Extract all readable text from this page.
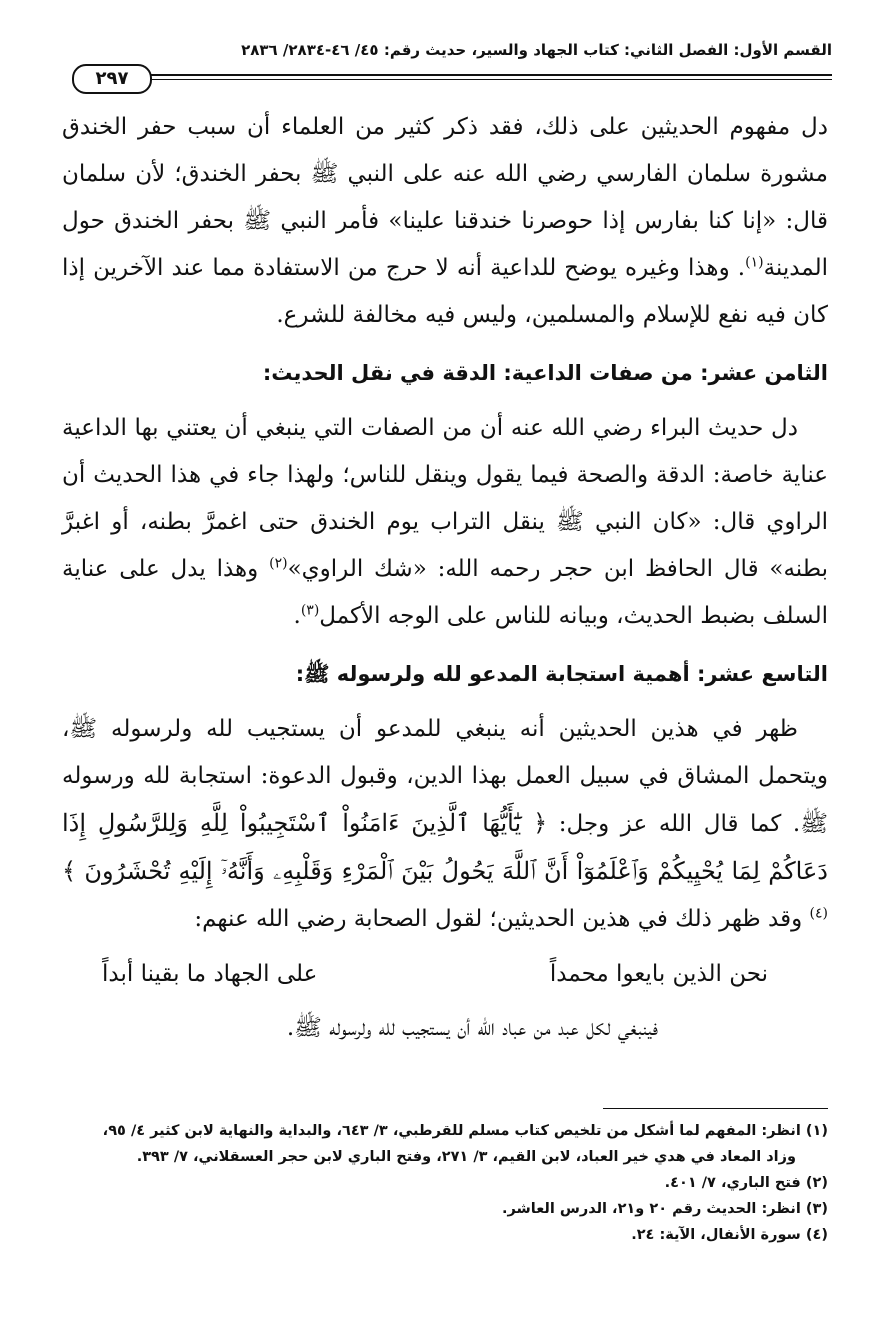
القسم الأول: الفصل الثاني: كتاب الجهاد والسير، حديث رقم: ٤٥/ ٤٦-٢٨٣٤/ ٢٨٣٦
٢٩٧

دل مفهوم الحديثين على ذلك، فقد ذكر كثير من العلماء أن سبب حفر الخندق مشورة سلمان الفارسي رضي الله عنه على النبي ﷺ بحفر الخندق؛ لأن سلمان قال: «إنا كنا بفارس إذا حوصرنا خندقنا علينا» فأمر النبي ﷺ بحفر الخندق حول المدينة$^{(١)}$. وهذا وغيره يوضح للداعية أنه لا حرج من الاستفادة مما عند الآخرين إذا كان فيه نفع للإسلام والمسلمين، وليس فيه مخالفة للشرع.

الثامن عشر: من صفات الداعية: الدقة في نقل الحديث:

دل حديث البراء رضي الله عنه أن من الصفات التي ينبغي أن يعتني بها الداعية عناية خاصة: الدقة والصحة فيما يقول وينقل للناس؛ ولهذا جاء في هذا الحديث أن الراوي قال: «كان النبي ﷺ ينقل التراب يوم الخندق حتى اغمرَّ بطنه، أو اغبرَّ بطنه» قال الحافظ ابن حجر رحمه الله: «شك الراوي»$^{(٢)}$ وهذا يدل على عناية السلف بضبط الحديث، وبيانه للناس على الوجه الأكمل$^{(٣)}$.

التاسع عشر: أهمية استجابة المدعو لله ولرسوله ﷺ:

ظهر في هذين الحديثين أنه ينبغي للمدعو أن يستجيب لله ولرسوله ﷺ، ويتحمل المشاق في سبيل العمل بهذا الدين، وقبول الدعوة: استجابة لله ورسوله ﷺ. كما قال الله عز وجل: ﴿ يَٰٓأَيُّهَا ٱلَّذِينَ ءَامَنُواْ ٱسْتَجِيبُواْ لِلَّهِ وَلِلرَّسُولِ إِذَا دَعَاكُمْ لِمَا يُحْيِيكُمْ وَٱعْلَمُوٓاْ أَنَّ ٱللَّهَ يَحُولُ بَيْنَ ٱلْمَرْءِ وَقَلْبِهِۦ وَأَنَّهُۥٓ إِلَيْهِ تُحْشَرُونَ ﴾$^{(٤)}$ وقد ظهر ذلك في هذين الحديثين؛ لقول الصحابة رضي الله عنهم:

نحن الذين بايعوا محمداً
على الجهاد ما بقينا أبداً

فينبغي لكل عبد من عباد الله أن يستجيب لله ولرسوله ﷺ.

(١) انظر: المفهم لما أشكل من تلخيص كتاب مسلم للقرطبي، ٣/ ٦٤٣، والبداية والنهاية لابن كثير ٤/ ٩٥،
وزاد المعاد في هدي خير العباد، لابن القيم، ٣/ ٢٧١، وفتح الباري لابن حجر العسقلاني، ٧/ ٣٩٣.

(٢) فتح الباري، ٧/ ٤٠١.

(٣) انظر: الحديث رقم ٢٠ و٢١، الدرس العاشر.

(٤) سورة الأنفال، الآية: ٢٤.
